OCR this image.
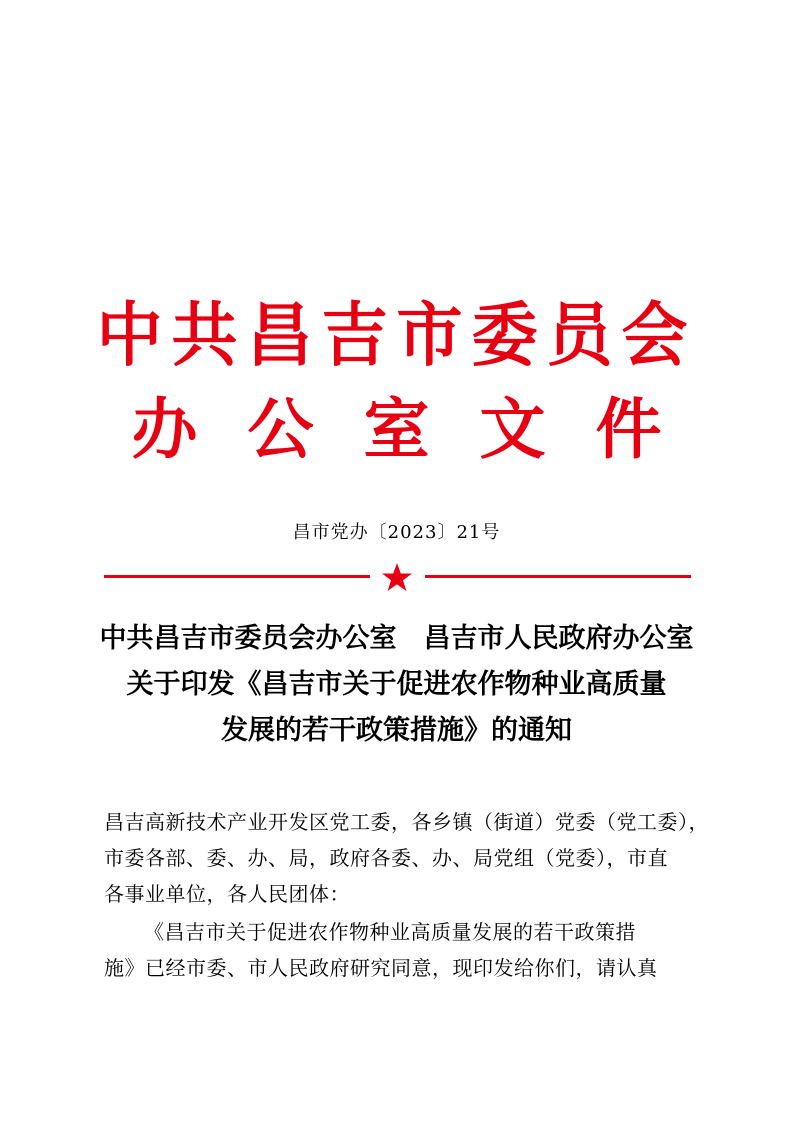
中共昌吉市委员会
办公室文件
昌市党办〔2023〕21号
中共昌吉市委员会办公室　昌吉市人民政府办公室
关于印发《昌吉市关于促进农作物种业高质量
发展的若干政策措施》的通知
昌吉高新技术产业开发区党工委，各乡镇（街道）党委（党工委），
市委各部、委、办、局，政府各委、办、局党组（党委），市直
各事业单位，各人民团体：
《昌吉市关于促进农作物种业高质量发展的若干政策措
施》已经市委、市人民政府研究同意，现印发给你们，请认真
